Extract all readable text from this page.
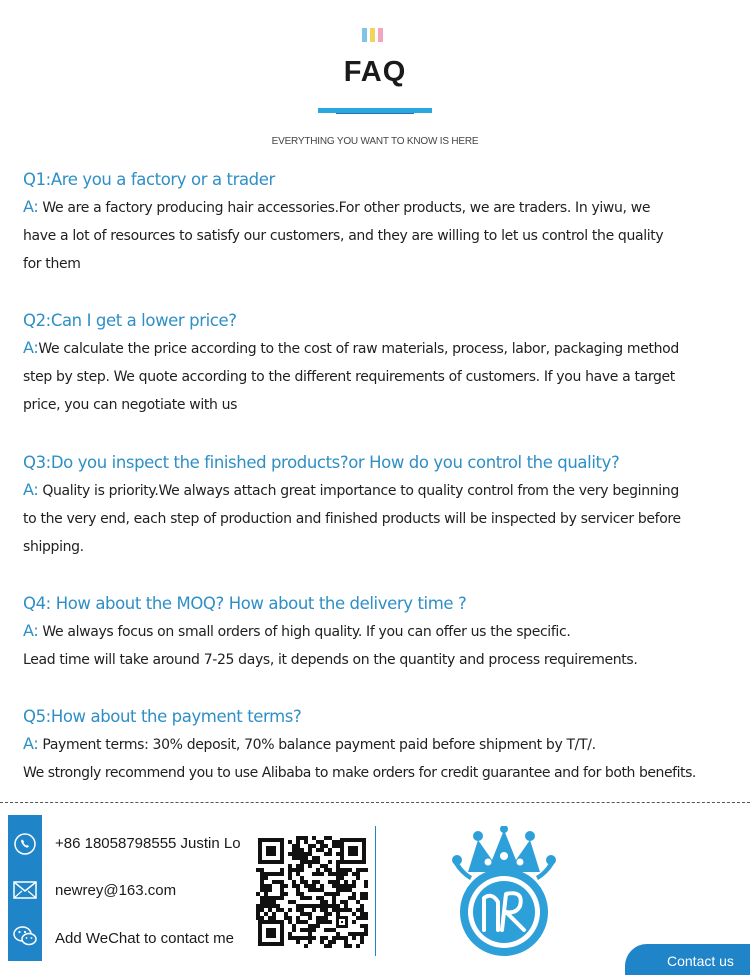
FAQ
EVERYTHING YOU WANT TO KNOW IS HERE
Q1:Are you a factory or a trader
A: We are a factory producing hair accessories.For other products, we are traders. In yiwu, we
have a lot of resources to satisfy our customers, and they are willing to let us control the quality
for them
Q2:Can I get a lower price?
A:We calculate the price according to the cost of raw materials, process, labor, packaging method
step by step. We quote according to the different requirements of customers. If you have a target
price, you can negotiate with us
Q3:Do you inspect the finished products?or How do you control the quality?
A: Quality is priority.We always attach great importance to quality control from the very beginning
to the very end, each step of production and finished products will be inspected by servicer before
shipping.
Q4: How about the MOQ? How about the delivery time ?
A: We always focus on small orders of high quality. If you can offer us the specific.
Lead time will take around 7-25 days, it depends on the quantity and process requirements.
Q5:How about the payment terms?
A: Payment terms: 30% deposit, 70% balance payment paid before shipment by T/T/.
We strongly recommend you to use Alibaba to make orders for credit guarantee and for both benefits.
+86 18058798555 Justin Lo
newrey@163.com
Add WeChat to contact me
Contact us
